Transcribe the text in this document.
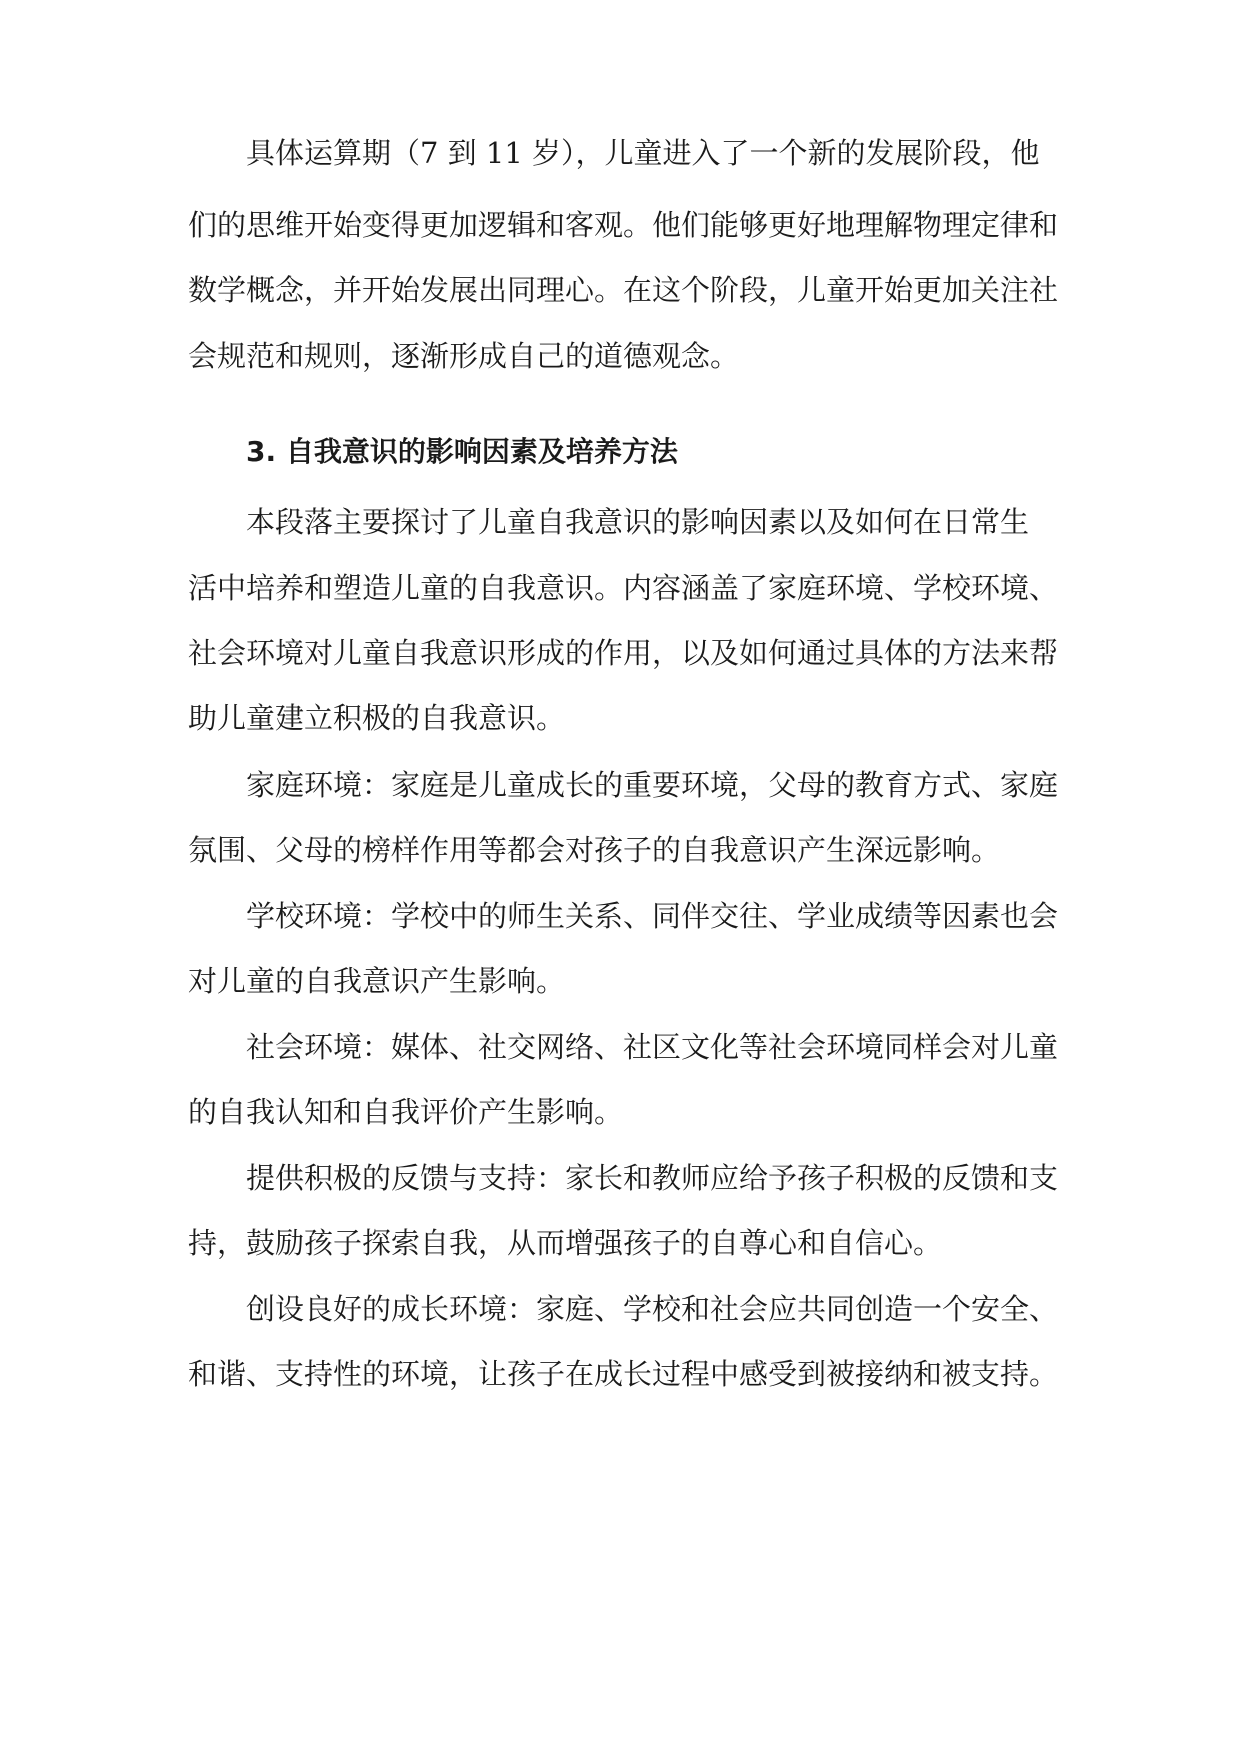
具体运算期（7 到 11 岁），儿童进入了一个新的发展阶段，他
们的思维开始变得更加逻辑和客观。他们能够更好地理解物理定律和
数学概念，并开始发展出同理心。在这个阶段，儿童开始更加关注社
会规范和规则，逐渐形成自己的道德观念。
3. 自我意识的影响因素及培养方法
本段落主要探讨了儿童自我意识的影响因素以及如何在日常生
活中培养和塑造儿童的自我意识。内容涵盖了家庭环境、学校环境、
社会环境对儿童自我意识形成的作用，以及如何通过具体的方法来帮
助儿童建立积极的自我意识。
家庭环境：家庭是儿童成长的重要环境，父母的教育方式、家庭
氛围、父母的榜样作用等都会对孩子的自我意识产生深远影响。
学校环境：学校中的师生关系、同伴交往、学业成绩等因素也会
对儿童的自我意识产生影响。
社会环境：媒体、社交网络、社区文化等社会环境同样会对儿童
的自我认知和自我评价产生影响。
提供积极的反馈与支持：家长和教师应给予孩子积极的反馈和支
持，鼓励孩子探索自我，从而增强孩子的自尊心和自信心。
创设良好的成长环境：家庭、学校和社会应共同创造一个安全、
和谐、支持性的环境，让孩子在成长过程中感受到被接纳和被支持。
